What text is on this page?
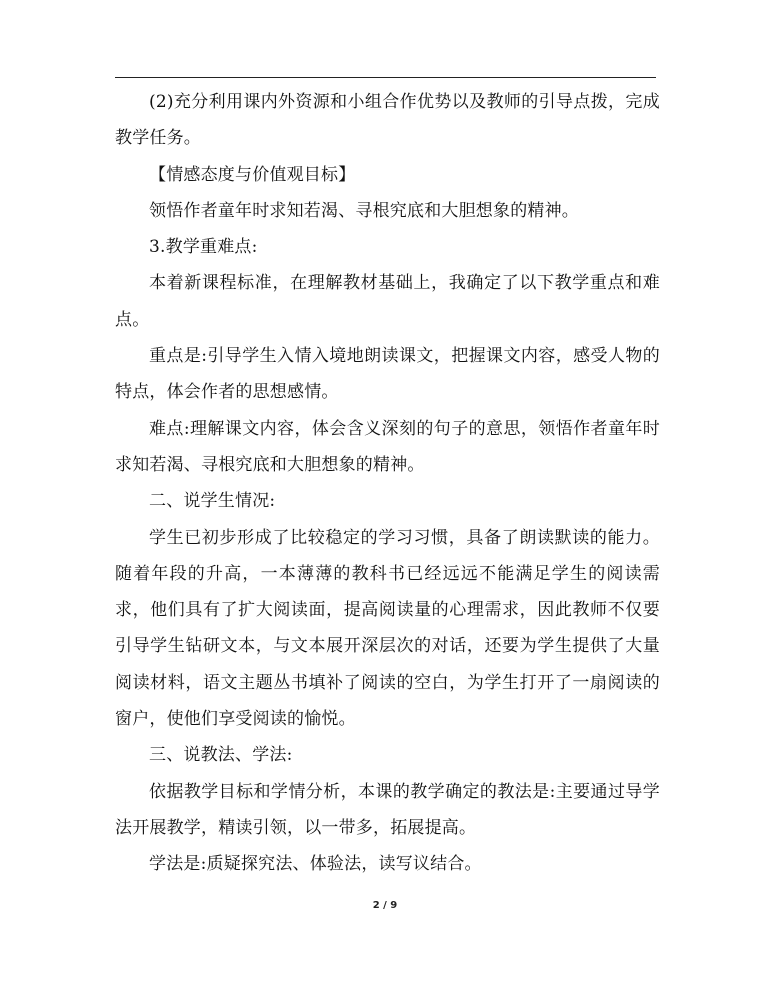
(2)充分利用课内外资源和小组合作优势以及教师的引导点拨，完成教学任务。

【情感态度与价值观目标】

领悟作者童年时求知若渴、寻根究底和大胆想象的精神。

3.教学重难点:

本着新课程标准，在理解教材基础上，我确定了以下教学重点和难点。

重点是:引导学生入情入境地朗读课文，把握课文内容，感受人物的特点，体会作者的思想感情。

难点:理解课文内容，体会含义深刻的句子的意思，领悟作者童年时求知若渴、寻根究底和大胆想象的精神。

二、说学生情况:

学生已初步形成了比较稳定的学习习惯，具备了朗读默读的能力。随着年段的升高，一本薄薄的教科书已经远远不能满足学生的阅读需求，他们具有了扩大阅读面，提高阅读量的心理需求，因此教师不仅要引导学生钻研文本，与文本展开深层次的对话，还要为学生提供了大量阅读材料，语文主题丛书填补了阅读的空白，为学生打开了一扇阅读的窗户，使他们享受阅读的愉悦。

三、说教法、学法:

依据教学目标和学情分析，本课的教学确定的教法是:主要通过导学法开展教学，精读引领，以一带多，拓展提高。

学法是:质疑探究法、体验法，读写议结合。

2 / 9
